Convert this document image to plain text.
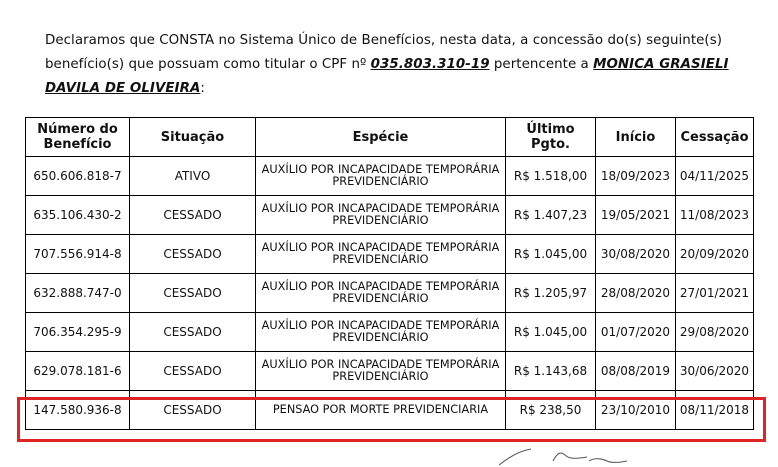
Declaramos que CONSTA no Sistema Único de Benefícios, nesta data, a concessão do(s) seguinte(s) benefício(s) que possuam como titular o CPF nº 035.803.310-19 pertencente a MONICA GRASIELI DAVILA DE OLIVEIRA:

Número do Benefício	Situação	Espécie	Último Pgto.	Início	Cessação
650.606.818-7	ATIVO	AUXÍLIO POR INCAPACIDADE TEMPORÁRIA PREVIDENCIÁRIO	R$ 1.518,00	18/09/2023	04/11/2025
635.106.430-2	CESSADO	AUXÍLIO POR INCAPACIDADE TEMPORÁRIA PREVIDENCIÁRIO	R$ 1.407,23	19/05/2021	11/08/2023
707.556.914-8	CESSADO	AUXÍLIO POR INCAPACIDADE TEMPORÁRIA PREVIDENCIÁRIO	R$ 1.045,00	30/08/2020	20/09/2020
632.888.747-0	CESSADO	AUXÍLIO POR INCAPACIDADE TEMPORÁRIA PREVIDENCIÁRIO	R$ 1.205,97	28/08/2020	27/01/2021
706.354.295-9	CESSADO	AUXÍLIO POR INCAPACIDADE TEMPORÁRIA PREVIDENCIÁRIO	R$ 1.045,00	01/07/2020	29/08/2020
629.078.181-6	CESSADO	AUXÍLIO POR INCAPACIDADE TEMPORÁRIA PREVIDENCIÁRIO	R$ 1.143,68	08/08/2019	30/06/2020
147.580.936-8	CESSADO	PENSAO POR MORTE PREVIDENCIARIA	R$ 238,50	23/10/2010	08/11/2018
